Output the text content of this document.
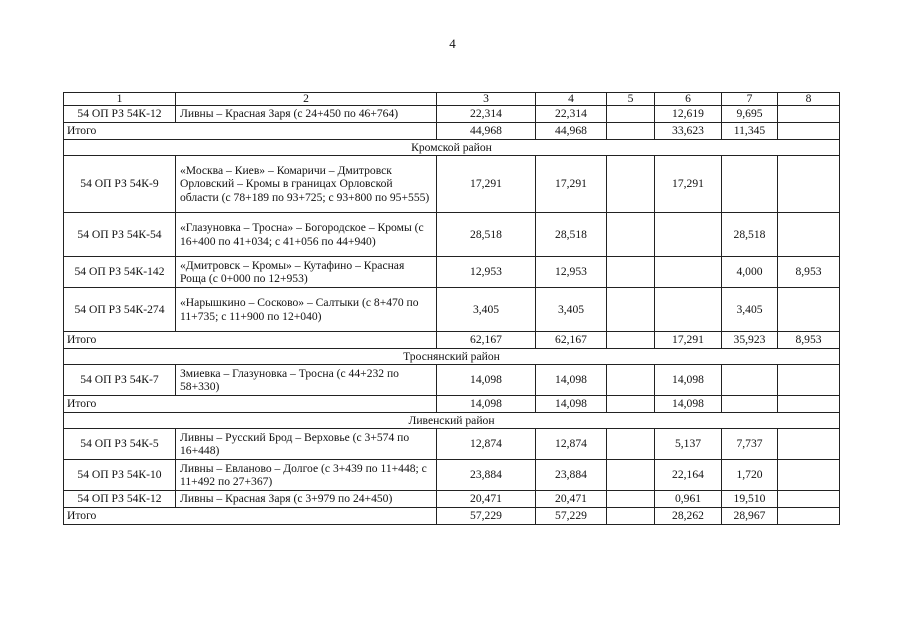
4
1	2	3	4	5	6	7	8
54 ОП РЗ 54К-12	Ливны – Красная Заря (с 24+450 по 46+764)	22,314	22,314		12,619	9,695	
Итого		44,968	44,968		33,623	11,345	
Кромской район							
54 ОП РЗ 54К-9	«Москва – Киев» – Комаричи – Дмитровск Орловский – Кромы в границах Орловской области (с 78+189 по 93+725; с 93+800 по 95+555)	17,291	17,291		17,291		
54 ОП РЗ 54К-54	«Глазуновка – Тросна» – Богородское – Кромы (с 16+400 по 41+034; с 41+056 по 44+940)	28,518	28,518			28,518	
54 ОП РЗ 54К-142	«Дмитровск – Кромы» – Кутафино – Красная Роща (с 0+000 по 12+953)	12,953	12,953			4,000	8,953
54 ОП РЗ 54К-274	«Нарышкино – Сосково» – Салтыки (с 8+470 по 11+735; с 11+900 по 12+040)	3,405	3,405			3,405	
Итого		62,167	62,167		17,291	35,923	8,953
Троснянский район							
54 ОП РЗ 54К-7	Змиевка – Глазуновка – Тросна (с 44+232 по 58+330)	14,098	14,098		14,098		
Итого		14,098	14,098		14,098		
Ливенский район							
54 ОП РЗ 54К-5	Ливны – Русский Брод – Верховье (с 3+574 по 16+448)	12,874	12,874		5,137	7,737	
54 ОП РЗ 54К-10	Ливны – Евланово – Долгое (с 3+439 по 11+448; с 11+492 по 27+367)	23,884	23,884		22,164	1,720	
54 ОП РЗ 54К-12	Ливны – Красная Заря (с 3+979 по 24+450)	20,471	20,471		0,961	19,510	
Итого		57,229	57,229		28,262	28,967	
